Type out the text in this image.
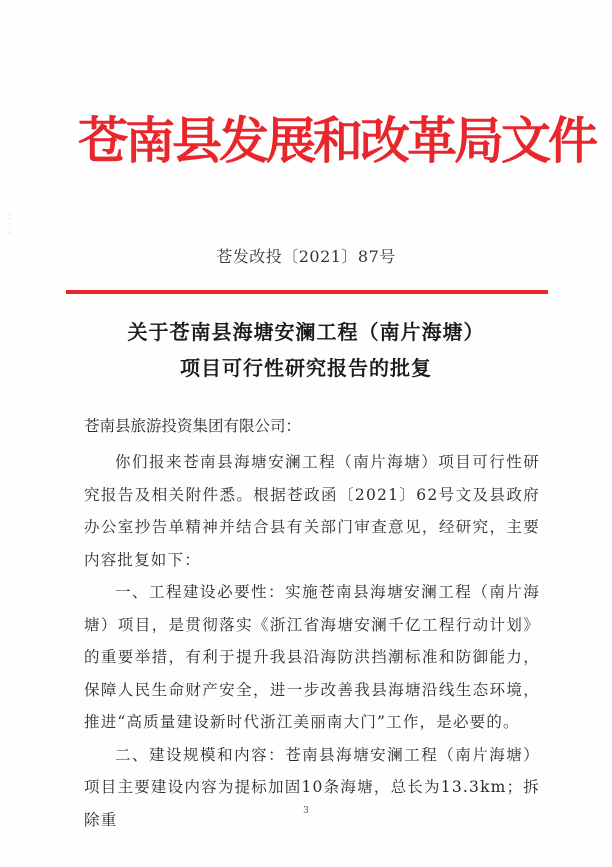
苍南县发展和改革局文件
苍发改投〔2021〕87号
关于苍南县海塘安澜工程（南片海塘）
项目可行性研究报告的批复
苍南县旅游投资集团有限公司：

你们报来苍南县海塘安澜工程（南片海塘）项目可行性研究报告及相关附件悉。根据苍政函〔2021〕62号文及县政府办公室抄告单精神并结合县有关部门审查意见，经研究，主要内容批复如下：

一、工程建设必要性：实施苍南县海塘安澜工程（南片海塘）项目，是贯彻落实《浙江省海塘安澜千亿工程行动计划》的重要举措，有利于提升我县沿海防洪挡潮标准和防御能力，保障人民生命财产安全，进一步改善我县海塘沿线生态环境，推进“高质量建设新时代浙江美丽南大门”工作，是必要的。

二、建设规模和内容：苍南县海塘安澜工程（南片海塘）项目主要建设内容为提标加固10条海塘，总长为13.3km；拆除重	3
:
:
